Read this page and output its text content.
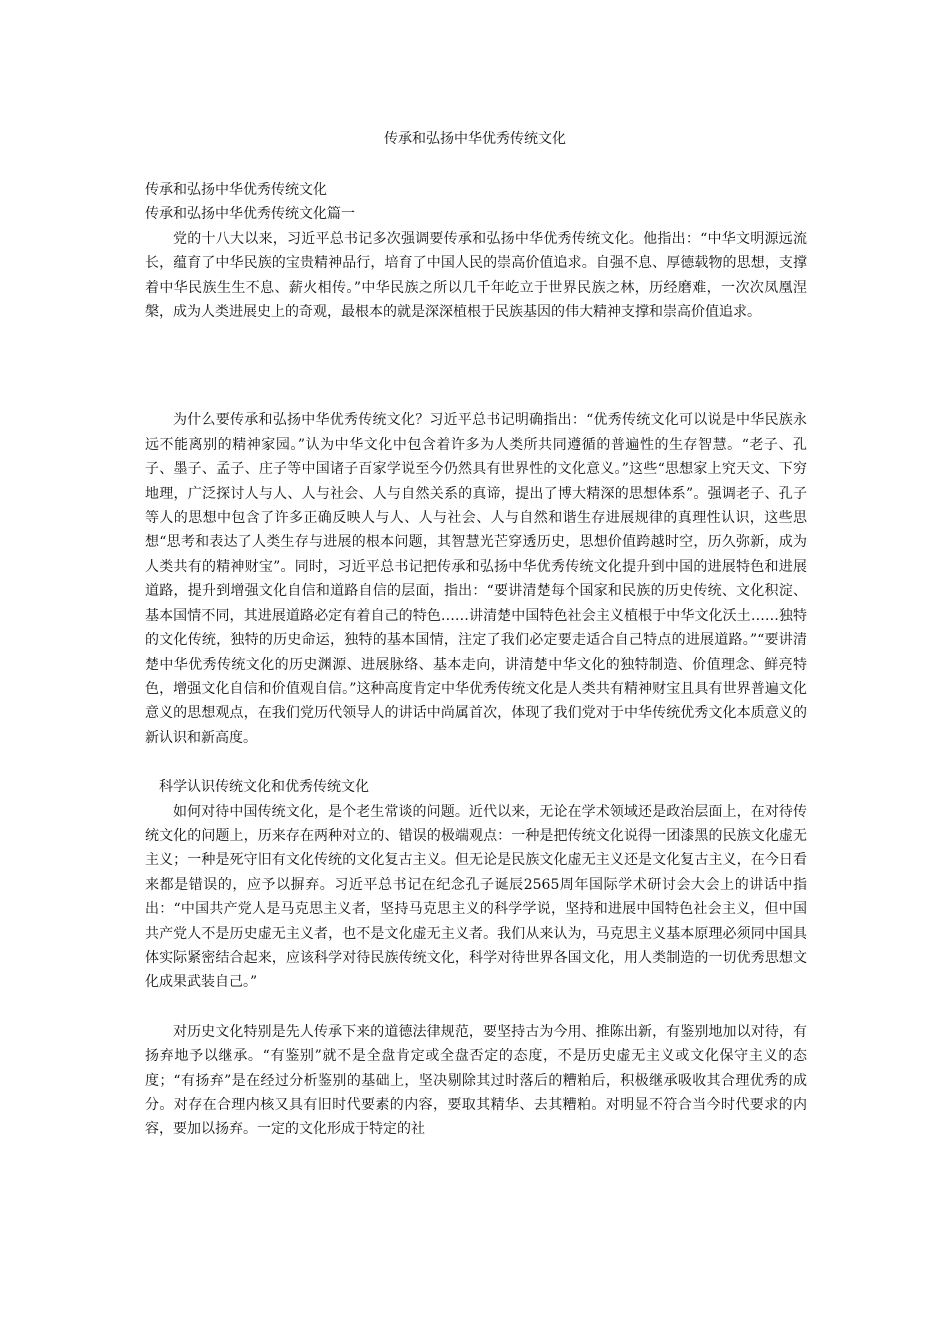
传承和弘扬中华优秀传统文化
传承和弘扬中华优秀传统文化
传承和弘扬中华优秀传统文化篇一

党的十八大以来，习近平总书记多次强调要传承和弘扬中华优秀传统文化。他指出：“中华文明源远流长，蕴育了中华民族的宝贵精神品行，培育了中国人民的崇高价值追求。自强不息、厚德载物的思想，支撑着中华民族生生不息、薪火相传。”中华民族之所以几千年屹立于世界民族之林，历经磨难，一次次凤凰涅槃，成为人类进展史上的奇观，最根本的就是深深植根于民族基因的伟大精神支撑和崇高价值追求。

为什么要传承和弘扬中华优秀传统文化？习近平总书记明确指出：“优秀传统文化可以说是中华民族永远不能离别的精神家园。”认为中华文化中包含着许多为人类所共同遵循的普遍性的生存智慧。“老子、孔子、墨子、孟子、庄子等中国诸子百家学说至今仍然具有世界性的文化意义。”这些“思想家上究天文、下穷地理，广泛探讨人与人、人与社会、人与自然关系的真谛，提出了博大精深的思想体系”。强调老子、孔子等人的思想中包含了许多正确反映人与人、人与社会、人与自然和谐生存进展规律的真理性认识，这些思想“思考和表达了人类生存与进展的根本问题，其智慧光芒穿透历史，思想价值跨越时空，历久弥新，成为人类共有的精神财宝”。同时，习近平总书记把传承和弘扬中华优秀传统文化提升到中国的进展特色和进展道路，提升到增强文化自信和道路自信的层面，指出：“要讲清楚每个国家和民族的历史传统、文化积淀、基本国情不同，其进展道路必定有着自己的特色……讲清楚中国特色社会主义植根于中华文化沃土……独特的文化传统，独特的历史命运，独特的基本国情，注定了我们必定要走适合自己特点的进展道路。”“要讲清楚中华优秀传统文化的历史渊源、进展脉络、基本走向，讲清楚中华文化的独特制造、价值理念、鲜亮特色，增强文化自信和价值观自信。”这种高度肯定中华优秀传统文化是人类共有精神财宝且具有世界普遍文化意义的思想观点，在我们党历代领导人的讲话中尚属首次，体现了我们党对于中华传统优秀文化本质意义的新认识和新高度。

科学认识传统文化和优秀传统文化

如何对待中国传统文化，是个老生常谈的问题。近代以来，无论在学术领域还是政治层面上，在对待传统文化的问题上，历来存在两种对立的、错误的极端观点：一种是把传统文化说得一团漆黑的民族文化虚无主义；一种是死守旧有文化传统的文化复古主义。但无论是民族文化虚无主义还是文化复古主义，在今日看来都是错误的，应予以摒弃。习近平总书记在纪念孔子诞辰2565周年国际学术研讨会大会上的讲话中指出：“中国共产党人是马克思主义者，坚持马克思主义的科学学说，坚持和进展中国特色社会主义，但中国共产党人不是历史虚无主义者，也不是文化虚无主义者。我们从来认为，马克思主义基本原理必须同中国具体实际紧密结合起来，应该科学对待民族传统文化，科学对待世界各国文化，用人类制造的一切优秀思想文化成果武装自己。”

对历史文化特别是先人传承下来的道德法律规范，要坚持古为今用、推陈出新，有鉴别地加以对待，有扬弃地予以继承。“有鉴别”就不是全盘肯定或全盘否定的态度，不是历史虚无主义或文化保守主义的态度；“有扬弃”是在经过分析鉴别的基础上，坚决剔除其过时落后的糟粕后，积极继承吸收其合理优秀的成分。对存在合理内核又具有旧时代要素的内容，要取其精华、去其糟粕。对明显不符合当今时代要求的内容，要加以扬弃。一定的文化形成于特定的社
